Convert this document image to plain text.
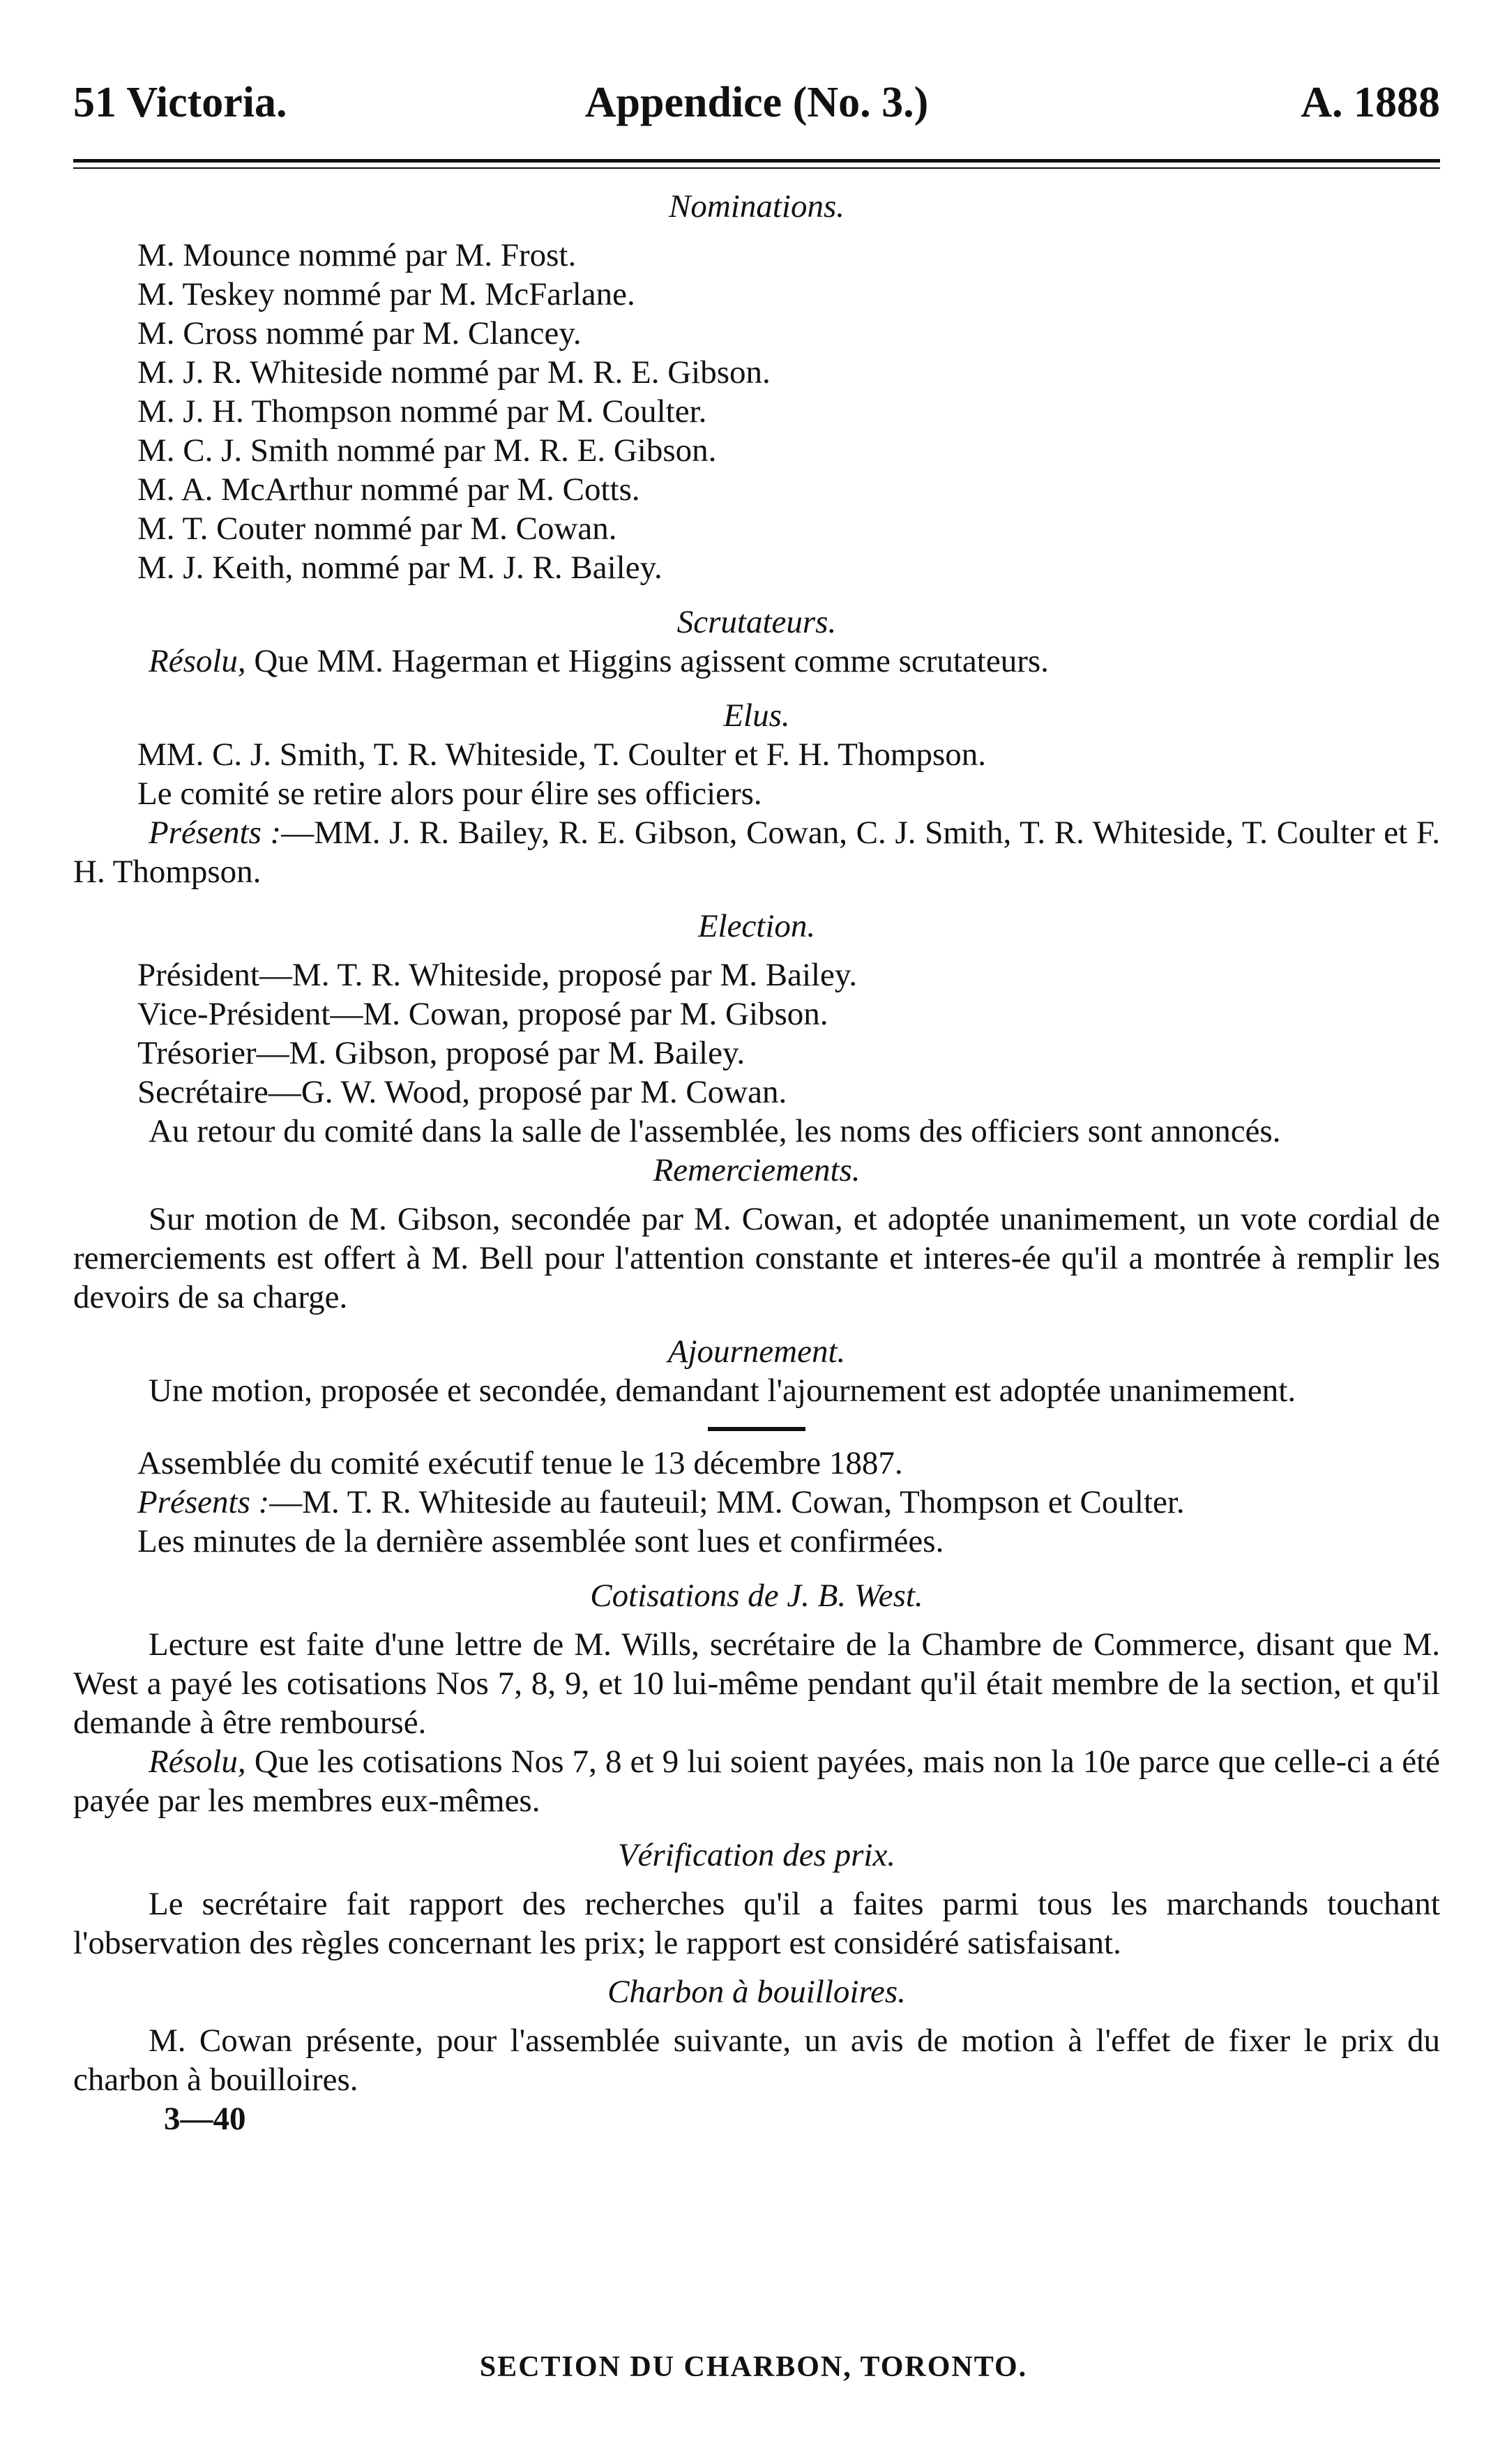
51 Victoria.	Appendice (No. 3.)	A. 1888

Nominations.

M. Mounce nommé par M. Frost.

M. Teskey nommé par M. McFarlane.

M. Cross nommé par M. Clancey.

M. J. R. Whiteside nommé par M. R. E. Gibson.

M. J. H. Thompson nommé par M. Coulter.

M. C. J. Smith nommé par M. R. E. Gibson.

M. A. McArthur nommé par M. Cotts.

M. T. Couter nommé par M. Cowan.

M. J. Keith, nommé par M. J. R. Bailey.

Scrutateurs.

Résolu, Que MM. Hagerman et Higgins agissent comme scrutateurs.

Elus.

MM. C. J. Smith, T. R. Whiteside, T. Coulter et F. H. Thompson.

Le comité se retire alors pour élire ses officiers.

Présents :—MM. J. R. Bailey, R. E. Gibson, Cowan, C. J. Smith, T. R. Whiteside, T. Coulter et F. H. Thompson.

Election.

Président—M. T. R. Whiteside, proposé par M. Bailey.

Vice-Président—M. Cowan, proposé par M. Gibson.

Trésorier—M. Gibson, proposé par M. Bailey.

Secrétaire—G. W. Wood, proposé par M. Cowan.

Au retour du comité dans la salle de l'assemblée, les noms des officiers sont annoncés.

Remerciements.

Sur motion de M. Gibson, secondée par M. Cowan, et adoptée unanimement, un vote cordial de remerciements est offert à M. Bell pour l'attention constante et interes-ée qu'il a montrée à remplir les devoirs de sa charge.

Ajournement.

Une motion, proposée et secondée, demandant l'ajournement est adoptée unanimement.

Assemblée du comité exécutif tenue le 13 décembre 1887.

Présents :—M. T. R. Whiteside au fauteuil; MM. Cowan, Thompson et Coulter.

Les minutes de la dernière assemblée sont lues et confirmées.

Cotisations de J. B. West.

Lecture est faite d'une lettre de M. Wills, secrétaire de la Chambre de Commerce, disant que M. West a payé les cotisations Nos 7, 8, 9, et 10 lui-même pendant qu'il était membre de la section, et qu'il demande à être remboursé.

Résolu, Que les cotisations Nos 7, 8 et 9 lui soient payées, mais non la 10e parce que celle-ci a été payée par les membres eux-mêmes.

Vérification des prix.

Le secrétaire fait rapport des recherches qu'il a faites parmi tous les marchands touchant l'observation des règles concernant les prix; le rapport est considéré satisfaisant.

Charbon à bouilloires.

M. Cowan présente, pour l'assemblée suivante, un avis de motion à l'effet de fixer le prix du charbon à bouilloires.

3—40

SECTION DU CHARBON, TORONTO.
